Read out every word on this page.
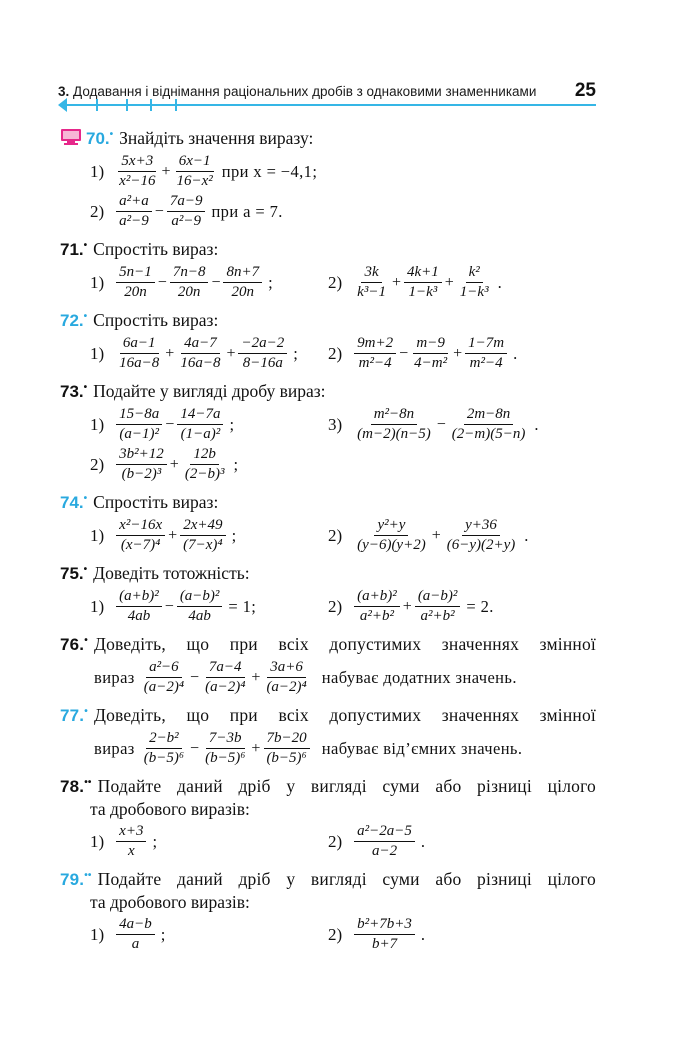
3. Додавання і віднімання раціональних дробів з однаковими знаменниками 25
70.• Знайдіть значення виразу:
$1) \frac{5x+3}{\text{x²−16}} + \frac{6x-1}{\text{16−x²}}$ при x = −4,1;
$2) \frac{\text{a²+a}}{\text{a²−9}} - \frac{7a-9}{\text{a²−9}}$ при a = 7.
71.• Спростіть вираз:
$1) \frac{5n-1}{20n} - \frac{7n-8}{20n} - \frac{8n+7}{20n}$ ;	$2) \frac{3k}{\text{k³−1}} + \frac{4k+1}{\text{1−k³}} + \frac{\text{k²}}{\text{1−k³}}$ .
72.• Спростіть вираз:
$1) \frac{6a-1}{16a-8} + \frac{4a-7}{16a-8} + \frac{-2a-2}{8-16a}$ ; $2) \frac{9m+2}{\text{m²−4}} - \frac{m-9}{\text{4−m²}} + \frac{1-7m}{\text{m²−4}}$ .
73.• Подайте у вигляді дробу вираз:
$1) \frac{15-8a}{\text{(a−1)²}} - \frac{14-7a}{\text{(1−a)²}}$ ;	$3) \frac{\text{m²−8n}}{(m-2)(n-5)} - \frac{2m-8n}{(2-m)(5-n)}$ .
$2) \frac{\text{3b²+12}}{\text{(b−2)³}} + \frac{12b}{\text{(2−b)³}}$ ;
74.• Спростіть вираз:
$1) \frac{\text{x²−16x}}{\text{(x−7)⁴}} + \frac{2x+49}{\text{(7−x)⁴}}$ ;	$2) \frac{\text{y²+y}}{(y-6)(y+2)} + \frac{y+36}{(6-y)(2+y)}$ .
75.• Доведіть тотожність:
$1) \frac{\text{(a+b)²}}{4ab} - \frac{\text{(a−b)²}}{4ab} = 1$;	$2) \frac{\text{(a+b)²}}{\text{a²+b²}} + \frac{\text{(a−b)²}}{\text{a²+b²}} = 2$.
76.• Доведіть, що при всіх допустимих значеннях змінної
вираз $\frac{\text{a²−6}}{\text{(a−2)⁴}} - \frac{7a-4}{\text{(a−2)⁴}} + \frac{3a+6}{\text{(a−2)⁴}}$ набуває додатних значень.
77.• Доведіть, що при всіх допустимих значеннях змінної
вираз $\frac{\text{2−b²}}{\text{(b−5)⁶}} - \frac{7-3b}{\text{(b−5)⁶}} + \frac{7b-20}{\text{(b−5)⁶}}$ набуває від’ємних значень.
78.•• Подайте даний дріб у вигляді суми або різниці цілого
та дробового виразів:
$1) \frac{x+3}{x}$ ;	$2) \frac{\text{a²−2a−5}}{a-2}$ .
79.•• Подайте даний дріб у вигляді суми або різниці цілого
та дробового виразів:
$1) \frac{4a-b}{a}$ ;	$2) \frac{\text{b²+7b+3}}{b+7}$ .
